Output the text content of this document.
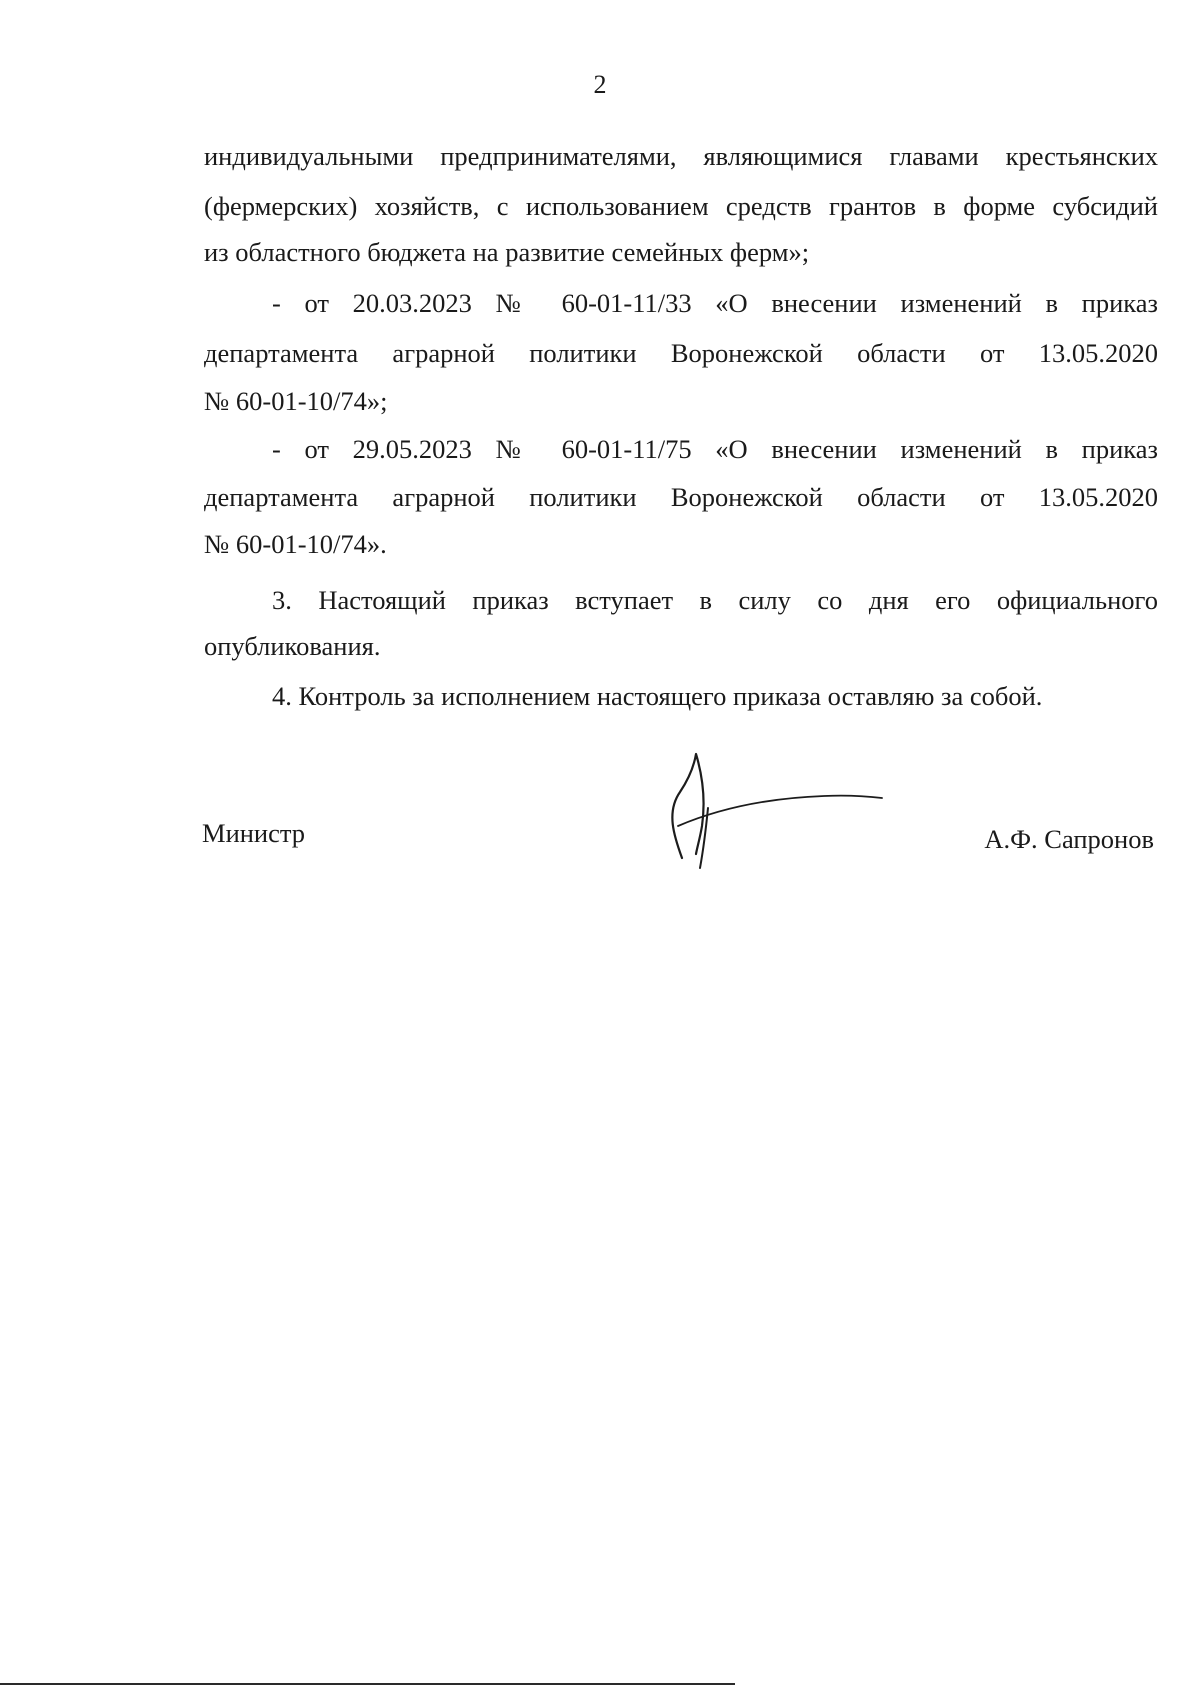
2
индивидуальными предпринимателями, являющимися главами крестьянских
(фермерских) хозяйств, с использованием средств грантов в форме субсидий
из областного бюджета на развитие семейных ферм»;
- от 20.03.2023 № 60-01-11/33 «О внесении изменений в приказ
департамента аграрной политики Воронежской области от 13.05.2020
№ 60-01-10/74»;
- от 29.05.2023 № 60-01-11/75 «О внесении изменений в приказ
департамента аграрной политики Воронежской области от 13.05.2020
№ 60-01-10/74».
3. Настоящий приказ вступает в силу со дня его официального
опубликования.
4. Контроль за исполнением настоящего приказа оставляю за собой.
Министр	А.Ф. Сапронов
